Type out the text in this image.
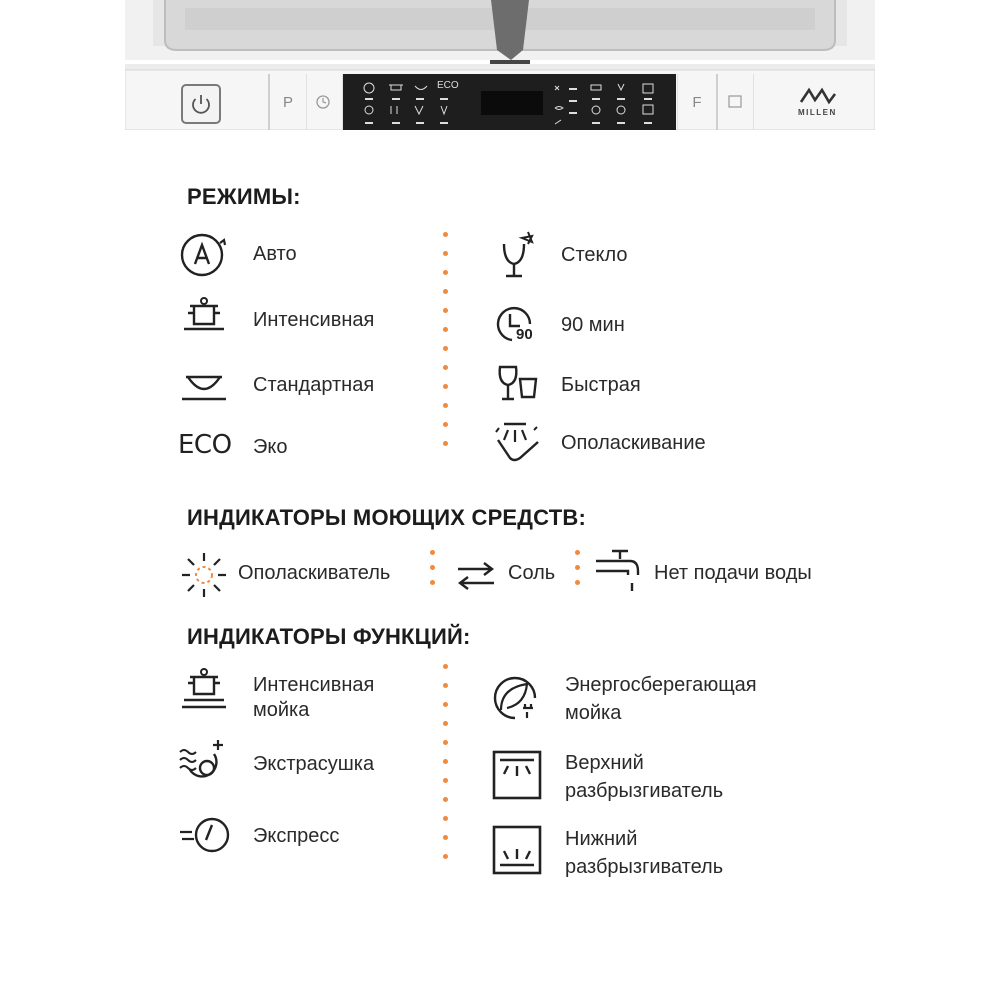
P
ECO
F
MILLEN
РЕЖИМЫ:
ECO
Авто
Интенсивная
Стандартная
Эко
90
Стекло
90 мин
Быстрая
Ополаскивание
ИНДИКАТОРЫ МОЮЩИХ СРЕДСТВ:
Ополаскиватель	Соль	Нет подачи воды
ИНДИКАТОРЫ ФУНКЦИЙ:
Интенсивная
мойка
Экстрасушка
Экспресс
Энергосберегающая
мойка
Верхний
разбрызгиватель
Нижний
разбрызгиватель
